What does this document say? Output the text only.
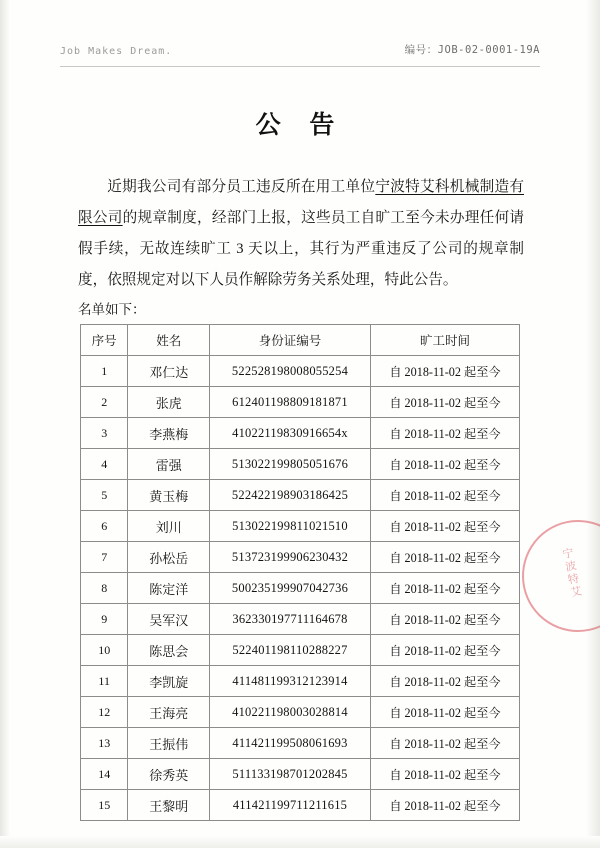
Job Makes Dream.	编号：JOB-02-0001-19A
公 告
近期我公司有部分员工违反所在用工单位宁波特艾科机械制造有限公司的规章制度，经部门上报，这些员工自旷工至今未办理任何请假手续，无故连续旷工 3 天以上，其行为严重违反了公司的规章制度，依照规定对以下人员作解除劳务关系处理，特此公告。
名单如下：
序号	姓名	身份证编号	旷工时间
1	邓仁达	522528198008055254	自 2018-11-02 起至今
2	张虎	612401198809181871	自 2018-11-02 起至今
3	李燕梅	41022119830916654x	自 2018-11-02 起至今
4	雷强	513022199805051676	自 2018-11-02 起至今
5	黄玉梅	522422198903186425	自 2018-11-02 起至今
6	刘川	513022199811021510	自 2018-11-02 起至今
7	孙松岳	513723199906230432	自 2018-11-02 起至今
8	陈定洋	500235199907042736	自 2018-11-02 起至今
9	吴军汉	362330197711164678	自 2018-11-02 起至今
10	陈思会	522401198110288227	自 2018-11-02 起至今
11	李凯旋	411481199312123914	自 2018-11-02 起至今
12	王海亮	410221198003028814	自 2018-11-02 起至今
13	王振伟	411421199508061693	自 2018-11-02 起至今
14	徐秀英	511133198701202845	自 2018-11-02 起至今
15	王黎明	411421199711211615	自 2018-11-02 起至今
宁波特艾
